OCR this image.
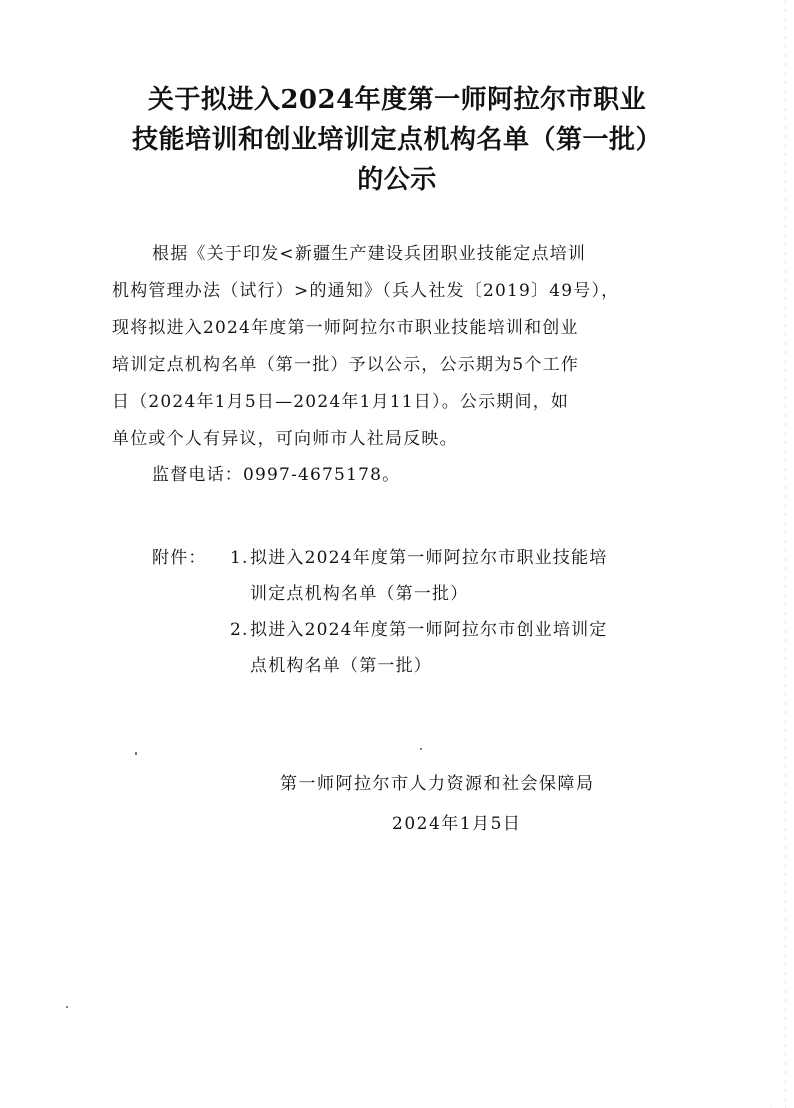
关于拟进入2024年度第一师阿拉尔市职业
技能培训和创业培训定点机构名单（第一批）
的公示
根据《关于印发<新疆生产建设兵团职业技能定点培训
机构管理办法（试行）>的通知》（兵人社发〔2019〕49号），
现将拟进入2024年度第一师阿拉尔市职业技能培训和创业
培训定点机构名单（第一批）予以公示，公示期为5个工作
日（2024年1月5日—2024年1月11日）。公示期间，如
单位或个人有异议，可向师市人社局反映。
监督电话：0997-4675178。
附件：	1. 拟进入2024年度第一师阿拉尔市职业技能培
训定点机构名单（第一批）
2. 拟进入2024年度第一师阿拉尔市创业培训定
点机构名单（第一批）
第一师阿拉尔市人力资源和社会保障局
2024年1月5日
